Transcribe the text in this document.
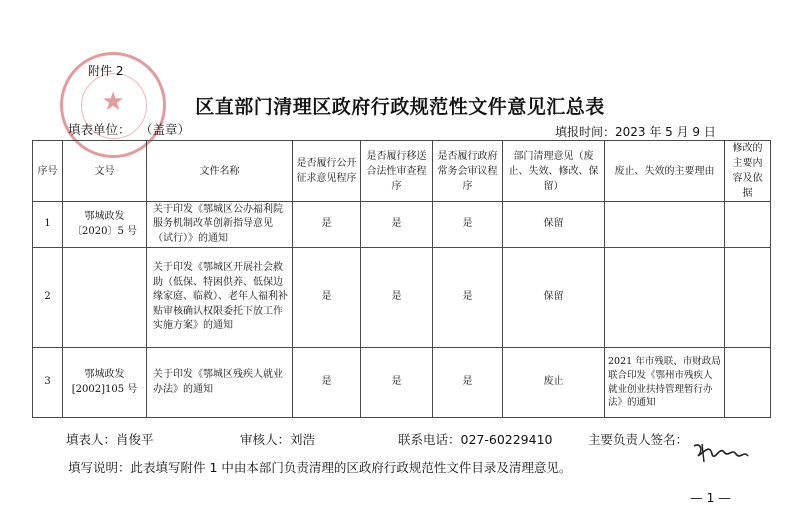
★
附件 2
区直部门清理区政府行政规范性文件意见汇总表
填表单位： （盖章）	填报时间：2023 年 5 月 9 日
序号	文号	文件名称	是否履行公开征求意见程序	是否履行移送合法性审查程序	是否履行政府常务会审议程序	部门清理意见（废止、失效、修改、保留）	废止、失效的主要理由	修改的主要内容及依据
1	鄂城政发〔2020〕5 号	关于印发《鄂城区公办福利院服务机制改革创新指导意见（试行）》的通知	是	是	是	保留		
2		关于印发《鄂城区开展社会救助（低保、特困供养、低保边缘家庭、临救）、老年人福利补贴审核确认权限委托下放工作实施方案》的通知	是	是	是	保留		
3	鄂城政发[2002]105 号	关于印发《鄂城区残疾人就业办法》的通知	是	是	是	废止	2021 年市残联、市财政局联合印发《鄂州市残疾人就业创业扶持管理暂行办法》的通知	
填表人：肖俊平	审核人：刘浩	联系电话：027-60229410	主要负责人签名：
填写说明：此表填写附件 1 中由本部门负责清理的区政府行政规范性文件目录及清理意见。
— 1 —
